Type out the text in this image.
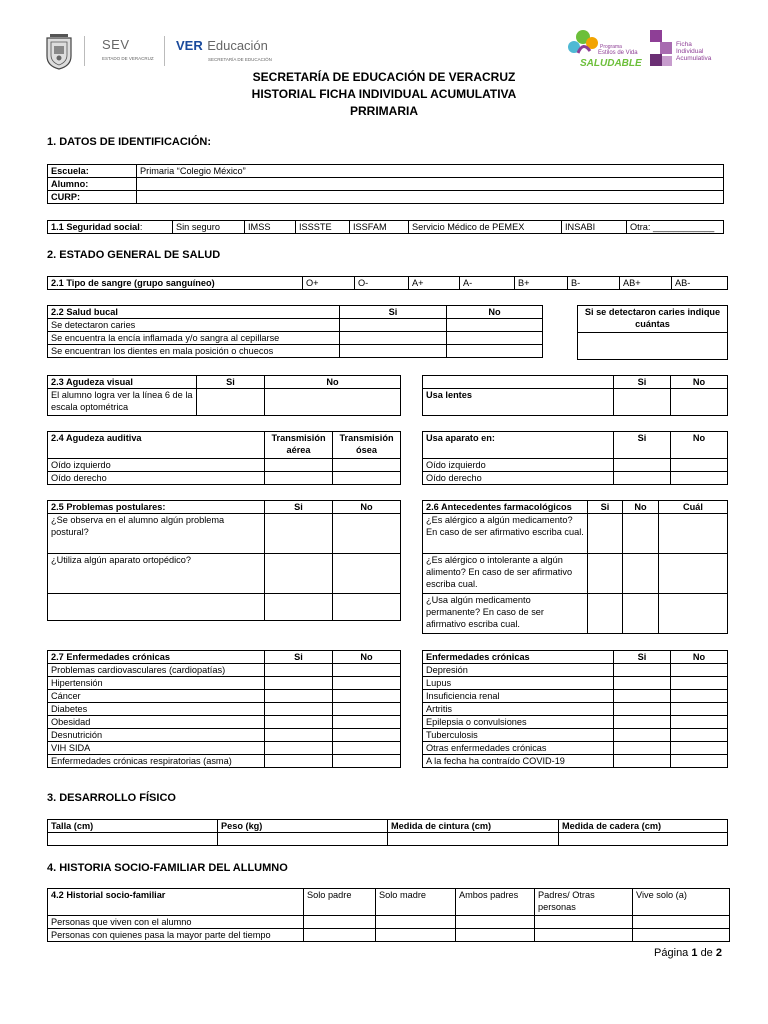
SEV
ESTADO DE VERACRUZ
VER Educación
SECRETARÍA DE EDUCACIÓN
Programa
Estilos de Vida
SALUDABLE
Ficha
Individual
Acumulativa
SECRETARÍA DE EDUCACIÓN DE VERACRUZ
HISTORIAL FICHA INDIVIDUAL ACUMULATIVA
PRRIMARIA
1. DATOS DE IDENTIFICACIÓN:
Escuela:	Primaria “Colegio México”
Alumno:	
CURP:	
1.1 Seguridad social:	Sin seguro	IMSS	ISSSTE	ISSFAM	Servicio Médico de PEMEX	INSABI	Otra: ____________
2. ESTADO GENERAL DE SALUD
2.1 Tipo de sangre (grupo sanguíneo)	O+	O-	A+	A-	B+	B-	AB+	AB-
2.2 Salud bucal	Si	No
Se detectaron caries		
Se encuentra la encía inflamada y/o sangra al cepillarse		
Se encuentran los dientes en mala posición o chuecos		
Si se detectaron caries indique cuántas

2.3 Agudeza visual	Si	No
El alumno logra ver la línea 6 de la escala optométrica		
	Si	No
Usa lentes		
2.4 Agudeza auditiva	Transmisión aérea	Transmisión ósea
Oído izquierdo		
Oído derecho		
Usa aparato en:	Si	No
Oído izquierdo		
Oído derecho		
2.5 Problemas postulares:	Si	No
¿Se observa en el alumno algún problema postural?		
¿Utiliza algún aparato ortopédico?		

2.6 Antecedentes farmacológicos	Si	No	Cuál
¿Es alérgico a algún medicamento? En caso de ser afirmativo escriba cual.			
¿Es alérgico o intolerante a algún alimento? En caso de ser afirmativo escriba cual.			
¿Usa algún medicamento permanente? En caso de ser afirmativo escriba cual.			
2.7 Enfermedades crónicas	Si	No
Problemas cardiovasculares (cardiopatías)		
Hipertensión		
Cáncer		
Diabetes		
Obesidad		
Desnutrición		
VIH SIDA		
Enfermedades crónicas respiratorias (asma)		
Enfermedades crónicas	Si	No
Depresión		
Lupus		
Insuficiencia renal		
Artritis		
Epilepsia o convulsiones		
Tuberculosis		
Otras enfermedades crónicas		
A la fecha ha contraído COVID-19		
3. DESARROLLO FÍSICO
Talla (cm)	Peso (kg)	Medida de cintura (cm)	Medida de cadera (cm)

4. HISTORIA SOCIO-FAMILIAR DEL ALLUMNO
4.2 Historial socio-familiar	Solo padre	Solo madre	Ambos padres	Padres/ Otras personas	Vive solo (a)
Personas que viven con el alumno					
Personas con quienes pasa la mayor parte del tiempo					
Página 1 de 2
